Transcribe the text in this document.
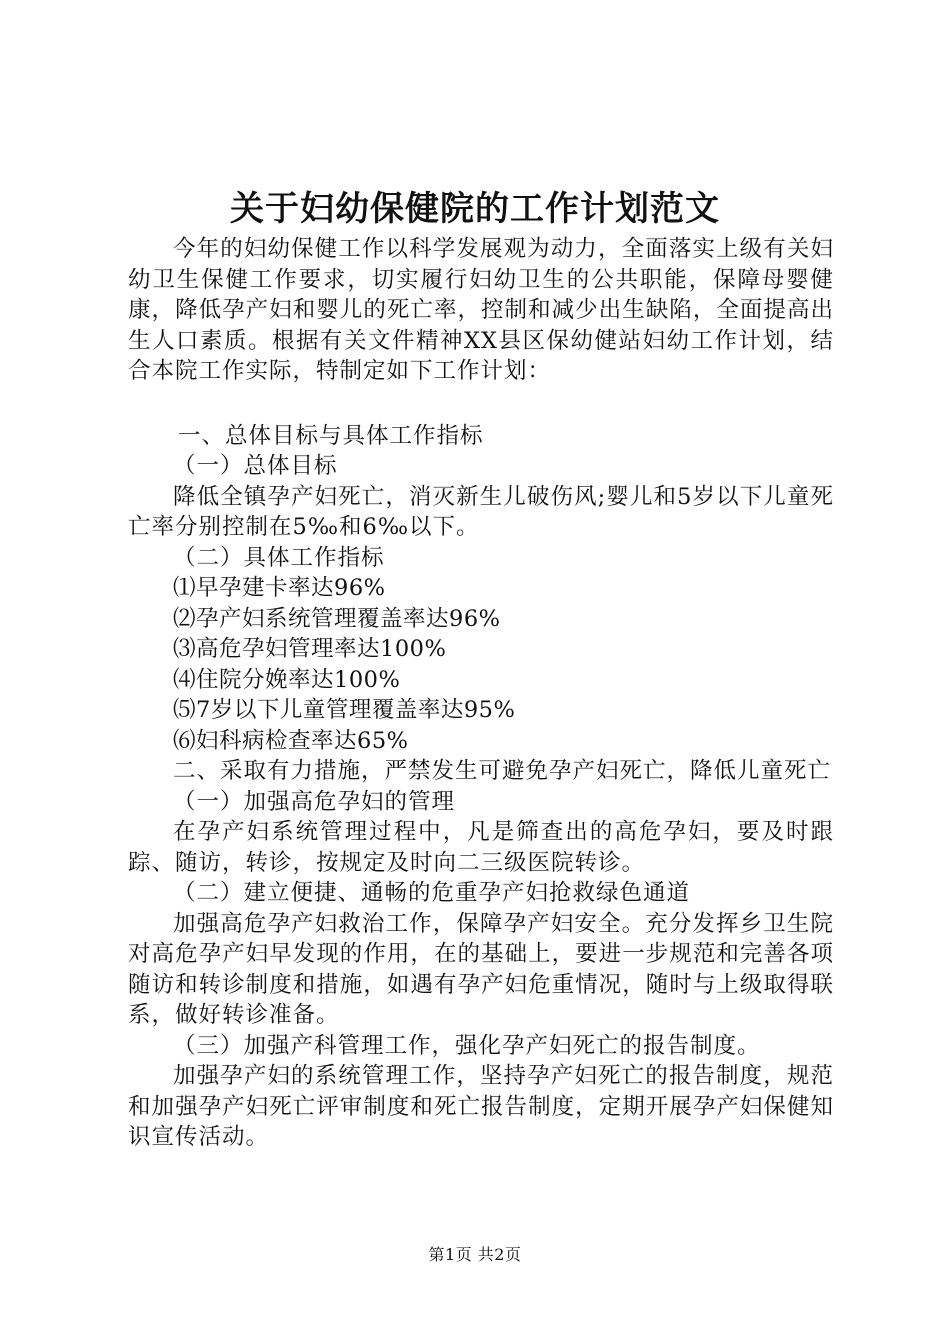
关于妇幼保健院的工作计划范文

今年的妇幼保健工作以科学发展观为动力，全面落实上级有关妇幼卫生保健工作要求，切实履行妇幼卫生的公共职能，保障母婴健康，降低孕产妇和婴儿的死亡率，控制和减少出生缺陷，全面提高出生人口素质。根据有关文件精神XX县区保幼健站妇幼工作计划，结合本院工作实际，特制定如下工作计划：

一、总体目标与具体工作指标

（一）总体目标

降低全镇孕产妇死亡，消灭新生儿破伤风;婴儿和5岁以下儿童死亡率分别控制在5‰和6‰以下。

（二）具体工作指标

⑴早孕建卡率达96%

⑵孕产妇系统管理覆盖率达96%

⑶高危孕妇管理率达100%

⑷住院分娩率达100%

⑸7岁以下儿童管理覆盖率达95%

⑹妇科病检查率达65%

二、采取有力措施，严禁发生可避免孕产妇死亡，降低儿童死亡

（一）加强高危孕妇的管理

在孕产妇系统管理过程中，凡是筛查出的高危孕妇，要及时跟踪、随访，转诊，按规定及时向二三级医院转诊。

（二）建立便捷、通畅的危重孕产妇抢救绿色通道

加强高危孕产妇救治工作，保障孕产妇安全。充分发挥乡卫生院对高危孕产妇早发现的作用，在的基础上，要进一步规范和完善各项随访和转诊制度和措施，如遇有孕产妇危重情况，随时与上级取得联系，做好转诊准备。

（三）加强产科管理工作，强化孕产妇死亡的报告制度。

加强孕产妇的系统管理工作，坚持孕产妇死亡的报告制度，规范和加强孕产妇死亡评审制度和死亡报告制度，定期开展孕产妇保健知识宣传活动。

第1页 共2页
